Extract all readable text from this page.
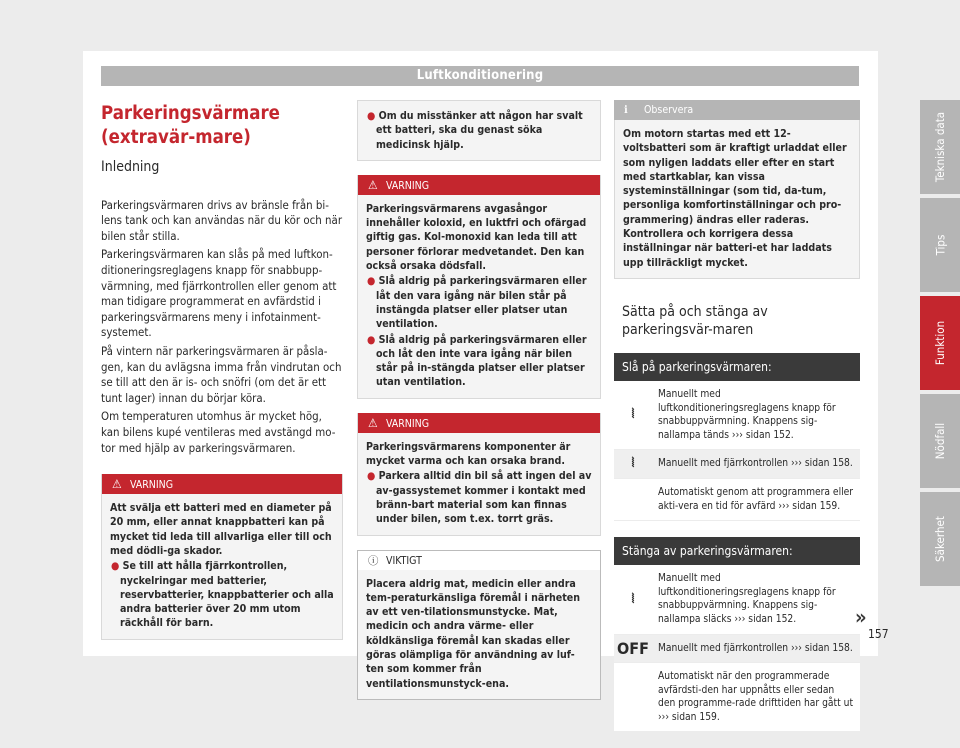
Luftkonditionering
Parkeringsvärmare (extravär-mare)
Inledning

Parkeringsvärmaren drivs av bränsle från bi-lens tank och kan användas när du kör och när bilen står stilla.

Parkeringsvärmaren kan slås på med luftkon-ditioneringsreglagens knapp för snabbupp-värmning, med fjärrkontrollen eller genom att man tidigare programmerat en avfärdstid i parkeringsvärmarens meny i infotainment-systemet.

På vintern när parkeringsvärmaren är påsla-gen, kan du avlägsna imma från vindrutan och se till att den är is- och snöfri (om det är ett tunt lager) innan du börjar köra.

Om temperaturen utomhus är mycket hög, kan bilens kupé ventileras med avstängd mo-tor med hjälp av parkeringsvärmaren.

⚠ VARNING
Att svälja ett batteri med en diameter på 20 mm, eller annat knappbatteri kan på mycket tid leda till allvarliga eller till och med dödli-ga skador.
● Se till att hålla fjärrkontrollen, nyckelringar med batterier, reservbatterier, knappbatterier och alla andra batterier över 20 mm utom räckhåll för barn.
● Om du misstänker att någon har svalt ett batteri, ska du genast söka medicinsk hjälp.
⚠ VARNING
Parkeringsvärmarens avgasångor innehåller koloxid, en luktfri och ofärgad giftig gas. Kol-monoxid kan leda till att personer förlorar medvetandet. Den kan också orsaka dödsfall.
● Slå aldrig på parkeringsvärmaren eller låt den vara igång när bilen står på instängda platser eller platser utan ventilation.
● Slå aldrig på parkeringsvärmaren eller och låt den inte vara igång när bilen står på in-stängda platser eller platser utan ventilation.
⚠ VARNING
Parkeringsvärmarens komponenter är mycket varma och kan orsaka brand.
● Parkera alltid din bil så att ingen del av av-gassystemet kommer i kontakt med bränn-bart material som kan finnas under bilen, som t.ex. torrt gräs.
ⓘ VIKTIGT
Placera aldrig mat, medicin eller andra tem-peraturkänsliga föremål i närheten av ett ven-tilationsmunstycke. Mat, medicin och andra värme- eller köldkänsliga föremål kan skadas eller göras olämpliga för användning av luf-ten som kommer från ventilationsmunstyck-ena.
ℹ Observera
Om motorn startas med ett 12-voltsbatteri som är kraftigt urladdat eller som nyligen laddats eller efter en start med startkablar, kan vissa systeminställningar (som tid, da-tum, personliga komfortinställningar och pro-grammering) ändras eller raderas. Kontrollera och korrigera dessa inställningar när batteri-et har laddats upp tillräckligt mycket.
Sätta på och stänga av parkeringsvär-maren
Slå på parkeringsvärmaren:
⦚
Manuellt med luftkonditioneringsreglagens knapp för snabbuppvärmning. Knappens sig-nallampa tänds ››› sidan 152.
⦚	Manuellt med fjärrkontrollen ››› sidan 158.
Automatiskt genom att programmera eller akti-vera en tid för avfärd ››› sidan 159.
Stänga av parkeringsvärmaren:
⦚
Manuellt med luftkonditioneringsreglagens knapp för snabbuppvärmning. Knappens sig-nallampa släcks ››› sidan 152.
OFF Manuellt med fjärrkontrollen ››› sidan 158.
Automatiskt när den programmerade avfärdsti-den har uppnåtts eller sedan den programme-rade drifttiden har gått ut ››› sidan 159.
Tekniska data
Tips
Funktion
Nödfall
Säkerhet
»
157
